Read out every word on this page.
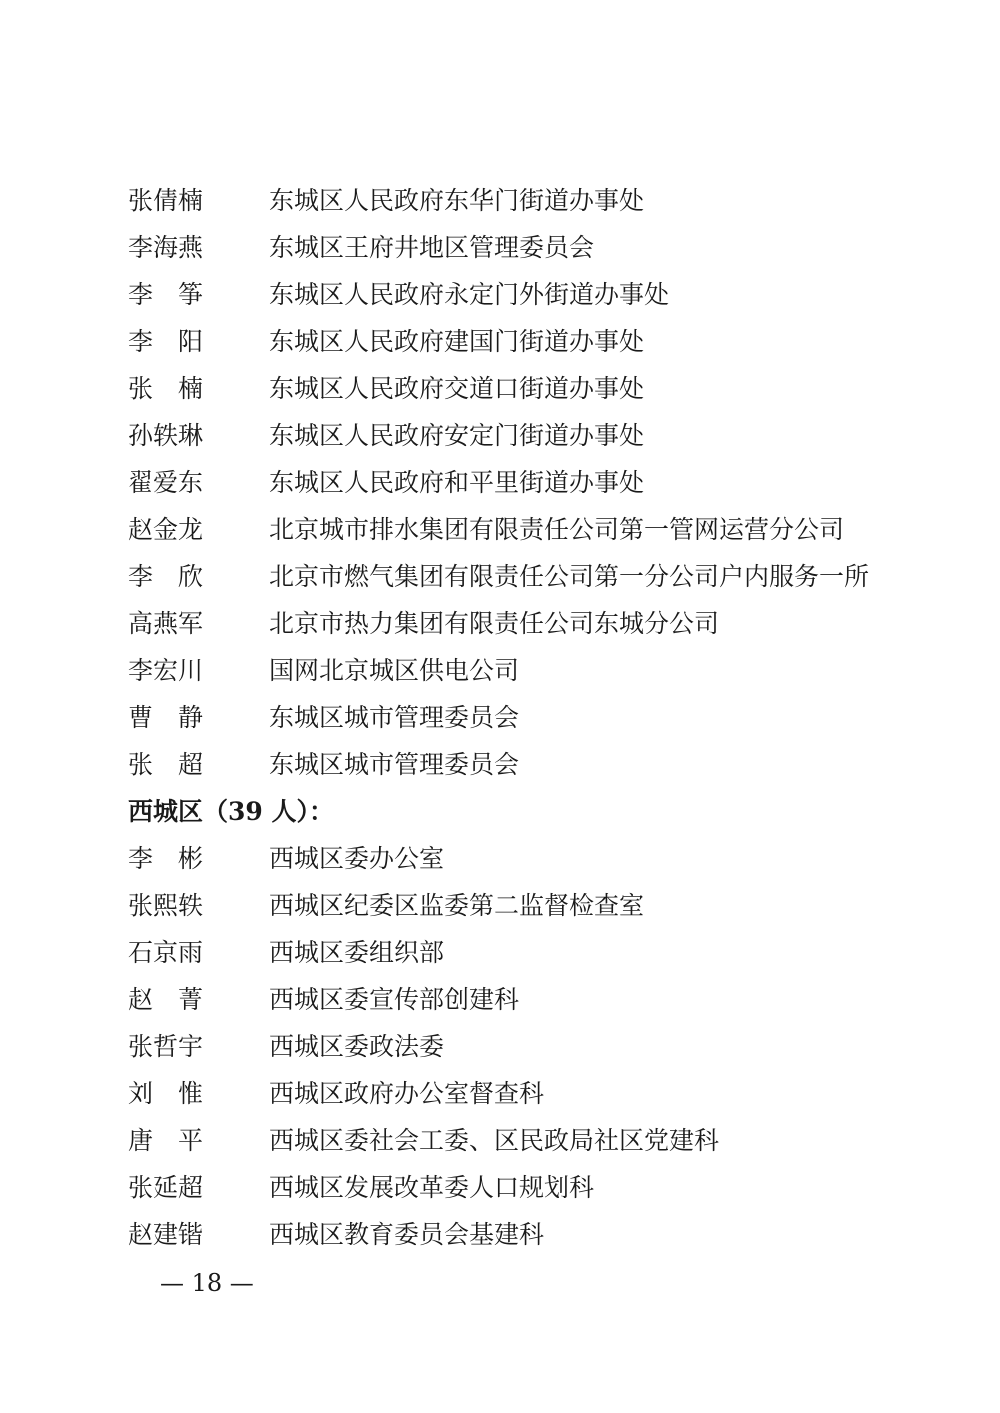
张倩楠	东城区人民政府东华门街道办事处
李海燕	东城区王府井地区管理委员会
李　筝	东城区人民政府永定门外街道办事处
李　阳	东城区人民政府建国门街道办事处
张　楠	东城区人民政府交道口街道办事处
孙轶琳	东城区人民政府安定门街道办事处
翟爱东	东城区人民政府和平里街道办事处
赵金龙	北京城市排水集团有限责任公司第一管网运营分公司
李　欣	北京市燃气集团有限责任公司第一分公司户内服务一所
高燕军	北京市热力集团有限责任公司东城分公司
李宏川	国网北京城区供电公司
曹　静	东城区城市管理委员会
张　超	东城区城市管理委员会
西城区（39 人）：
李　彬	西城区委办公室
张熙轶	西城区纪委区监委第二监督检查室
石京雨	西城区委组织部
赵　菁	西城区委宣传部创建科
张哲宇	西城区委政法委
刘　惟	西城区政府办公室督查科
唐　平	西城区委社会工委、区民政局社区党建科
张延超	西城区发展改革委人口规划科
赵建锴	西城区教育委员会基建科
— 18 —
